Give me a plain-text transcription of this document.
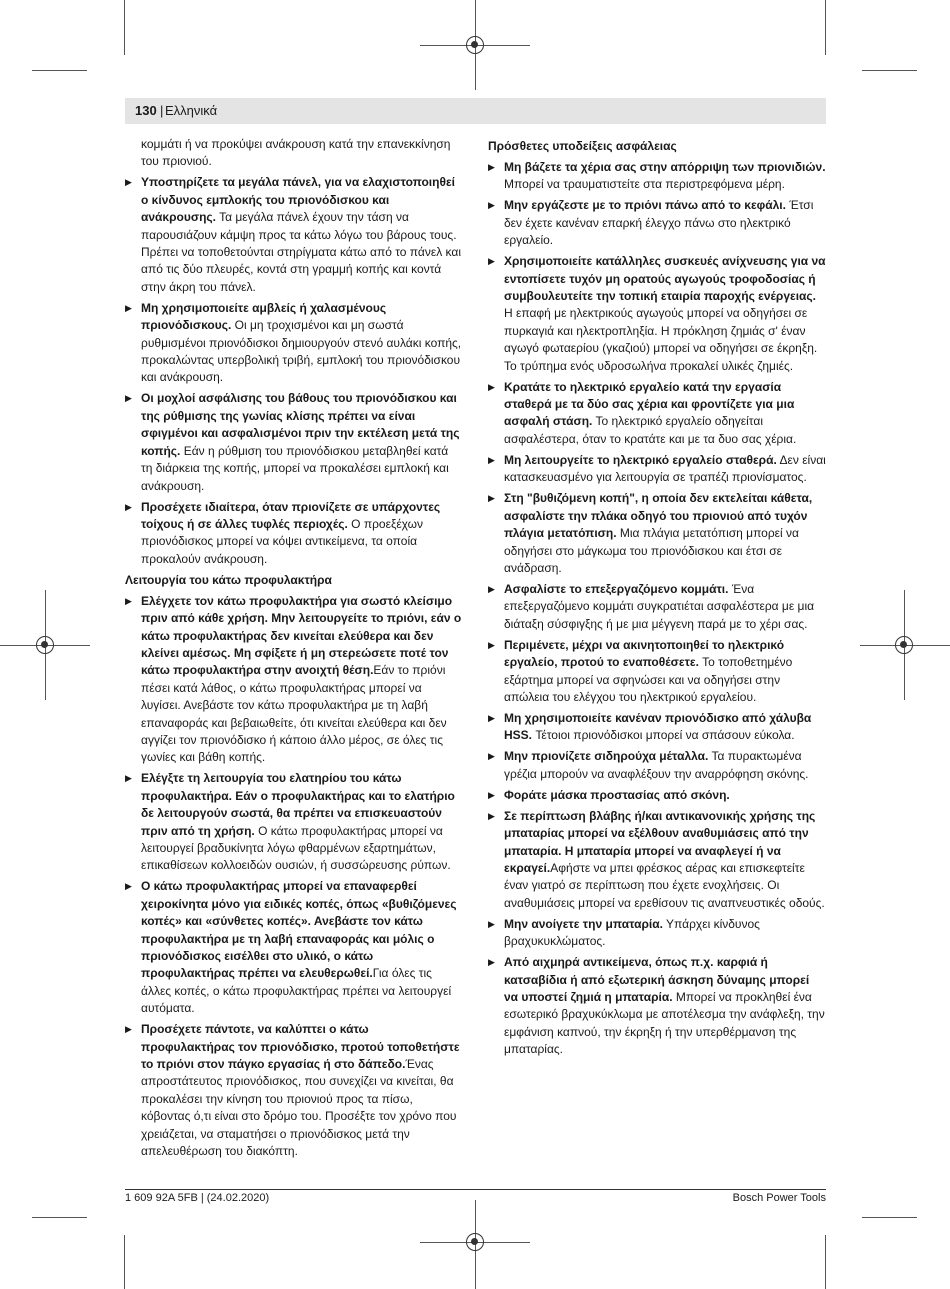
130 | Ελληνικά

κομμάτι ή να προκύψει ανάκρουση κατά την επανεκκίνηση του πριονιού.

▶ Υποστηρίζετε τα μεγάλα πάνελ, για να ελαχιστοποιηθεί ο κίνδυνος εμπλοκής του πριονόδισκου και ανάκρουσης. Τα μεγάλα πάνελ έχουν την τάση να παρουσιάζουν κάμψη προς τα κάτω λόγω του βάρους τους. Πρέπει να τοποθετούνται στηρίγματα κάτω από το πάνελ και από τις δύο πλευρές, κοντά στη γραμμή κοπής και κοντά στην άκρη του πάνελ.

▶ Μη χρησιμοποιείτε αμβλείς ή χαλασμένους πριονόδισκους. Οι μη τροχισμένοι και μη σωστά ρυθμισμένοι πριονόδισκοι δημιουργούν στενό αυλάκι κοπής, προκαλώντας υπερβολική τριβή, εμπλοκή του πριονόδισκου και ανάκρουση.

▶ Οι μοχλοί ασφάλισης του βάθους του πριονόδισκου και της ρύθμισης της γωνίας κλίσης πρέπει να είναι σφιγμένοι και ασφαλισμένοι πριν την εκτέλεση μετά της κοπής. Εάν η ρύθμιση του πριονόδισκου μεταβληθεί κατά τη διάρκεια της κοπής, μπορεί να προκαλέσει εμπλοκή και ανάκρουση.

▶ Προσέχετε ιδιαίτερα, όταν πριονίζετε σε υπάρχοντες τοίχους ή σε άλλες τυφλές περιοχές. Ο προεξέχων πριονόδισκος μπορεί να κόψει αντικείμενα, τα οποία προκαλούν ανάκρουση.

Λειτουργία του κάτω προφυλακτήρα

▶ Ελέγχετε τον κάτω προφυλακτήρα για σωστό κλείσιμο πριν από κάθε χρήση. Μην λειτουργείτε το πριόνι, εάν ο κάτω προφυλακτήρας δεν κινείται ελεύθερα και δεν κλείνει αμέσως. Μη σφίξετε ή μη στερεώσετε ποτέ τον κάτω προφυλακτήρα στην ανοιχτή θέση.Εάν το πριόνι πέσει κατά λάθος, ο κάτω προφυλακτήρας μπορεί να λυγίσει. Ανεβάστε τον κάτω προφυλακτήρα με τη λαβή επαναφοράς και βεβαιωθείτε, ότι κινείται ελεύθερα και δεν αγγίζει τον πριονόδισκο ή κάποιο άλλο μέρος, σε όλες τις γωνίες και βάθη κοπής.

▶ Ελέγξτε τη λειτουργία του ελατηρίου του κάτω προφυλακτήρα. Εάν ο προφυλακτήρας και το ελατήριο δε λειτουργούν σωστά, θα πρέπει να επισκευαστούν πριν από τη χρήση. Ο κάτω προφυλακτήρας μπορεί να λειτουργεί βραδυκίνητα λόγω φθαρμένων εξαρτημάτων, επικαθίσεων κολλοειδών ουσιών, ή συσσώρευσης ρύπων.

▶ Ο κάτω προφυλακτήρας μπορεί να επαναφερθεί χειροκίνητα μόνο για ειδικές κοπές, όπως «βυθιζόμενες κοπές» και «σύνθετες κοπές». Ανεβάστε τον κάτω προφυλακτήρα με τη λαβή επαναφοράς και μόλις ο πριονόδισκος εισέλθει στο υλικό, ο κάτω προφυλακτήρας πρέπει να ελευθερωθεί.Για όλες τις άλλες κοπές, ο κάτω προφυλακτήρας πρέπει να λειτουργεί αυτόματα.

▶ Προσέχετε πάντοτε, να καλύπτει ο κάτω προφυλακτήρας τον πριονόδισκο, προτού τοποθετήστε το πριόνι στον πάγκο εργασίας ή στο δάπεδο.Ένας απροστάτευτος πριονόδισκος, που συνεχίζει να κινείται, θα προκαλέσει την κίνηση του πριονιού προς τα πίσω, κόβοντας ό,τι είναι στο δρόμο του. Προσέξτε τον χρόνο που χρειάζεται, να σταματήσει ο πριονόδισκος μετά την απελευθέρωση του διακόπτη.

Πρόσθετες υποδείξεις ασφάλειας

▶ Μη βάζετε τα χέρια σας στην απόρριψη των πριονιδιών. Μπορεί να τραυματιστείτε στα περιστρεφόμενα μέρη.

▶ Μην εργάζεστε με το πριόνι πάνω από το κεφάλι. Έτσι δεν έχετε κανέναν επαρκή έλεγχο πάνω στο ηλεκτρικό εργαλείο.

▶ Χρησιμοποιείτε κατάλληλες συσκευές ανίχνευσης για να εντοπίσετε τυχόν μη ορατούς αγωγούς τροφοδοσίας ή συμβουλευτείτε την τοπική εταιρία παροχής ενέργειας. Η επαφή με ηλεκτρικούς αγωγούς μπορεί να οδηγήσει σε πυρκαγιά και ηλεκτροπληξία. Η πρόκληση ζημιάς σ' έναν αγωγό φωταερίου (γκαζιού) μπορεί να οδηγήσει σε έκρηξη. Το τρύπημα ενός υδροσωλήνα προκαλεί υλικές ζημιές.

▶ Κρατάτε το ηλεκτρικό εργαλείο κατά την εργασία σταθερά με τα δύο σας χέρια και φροντίζετε για μια ασφαλή στάση. Το ηλεκτρικό εργαλείο οδηγείται ασφαλέστερα, όταν το κρατάτε και με τα δυο σας χέρια.

▶ Μη λειτουργείτε το ηλεκτρικό εργαλείο σταθερά. Δεν είναι κατασκευασμένο για λειτουργία σε τραπέζι πριονίσματος.

▶ Στη "βυθιζόμενη κοπή", η οποία δεν εκτελείται κάθετα, ασφαλίστε την πλάκα οδηγό του πριονιού από τυχόν πλάγια μετατόπιση. Μια πλάγια μετατόπιση μπορεί να οδηγήσει στο μάγκωμα του πριονόδισκου και έτσι σε ανάδραση.

▶ Ασφαλίστε το επεξεργαζόμενο κομμάτι. Ένα επεξεργαζόμενο κομμάτι συγκρατιέται ασφαλέστερα με μια διάταξη σύσφιγξης ή με μια μέγγενη παρά με το χέρι σας.

▶ Περιμένετε, μέχρι να ακινητοποιηθεί το ηλεκτρικό εργαλείο, προτού το εναποθέσετε. Το τοποθετημένο εξάρτημα μπορεί να σφηνώσει και να οδηγήσει στην απώλεια του ελέγχου του ηλεκτρικού εργαλείου.

▶ Μη χρησιμοποιείτε κανέναν πριονόδισκο από χάλυβα HSS. Τέτοιοι πριονόδισκοι μπορεί να σπάσουν εύκολα.

▶ Μην πριονίζετε σιδηρούχα μέταλλα. Τα πυρακτωμένα γρέζια μπορούν να αναφλέξουν την αναρρόφηση σκόνης.

▶ Φοράτε μάσκα προστασίας από σκόνη.

▶ Σε περίπτωση βλάβης ή/και αντικανονικής χρήσης της μπαταρίας μπορεί να εξέλθουν αναθυμιάσεις από την μπαταρία. Η μπαταρία μπορεί να αναφλεγεί ή να εκραγεί.Αφήστε να μπει φρέσκος αέρας και επισκεφτείτε έναν γιατρό σε περίπτωση που έχετε ενοχλήσεις. Οι αναθυμιάσεις μπορεί να ερεθίσουν τις αναπνευστικές οδούς.

▶ Μην ανοίγετε την μπαταρία. Υπάρχει κίνδυνος βραχυκυκλώματος.

▶ Από αιχμηρά αντικείμενα, όπως π.χ. καρφιά ή κατσαβίδια ή από εξωτερική άσκηση δύναμης μπορεί να υποστεί ζημιά η μπαταρία. Μπορεί να προκληθεί ένα εσωτερικό βραχυκύκλωμα με αποτέλεσμα την ανάφλεξη, την εμφάνιση καπνού, την έκρηξη ή την υπερθέρμανση της μπαταρίας.

1 609 92A 5FB | (24.02.2020)	Bosch Power Tools
